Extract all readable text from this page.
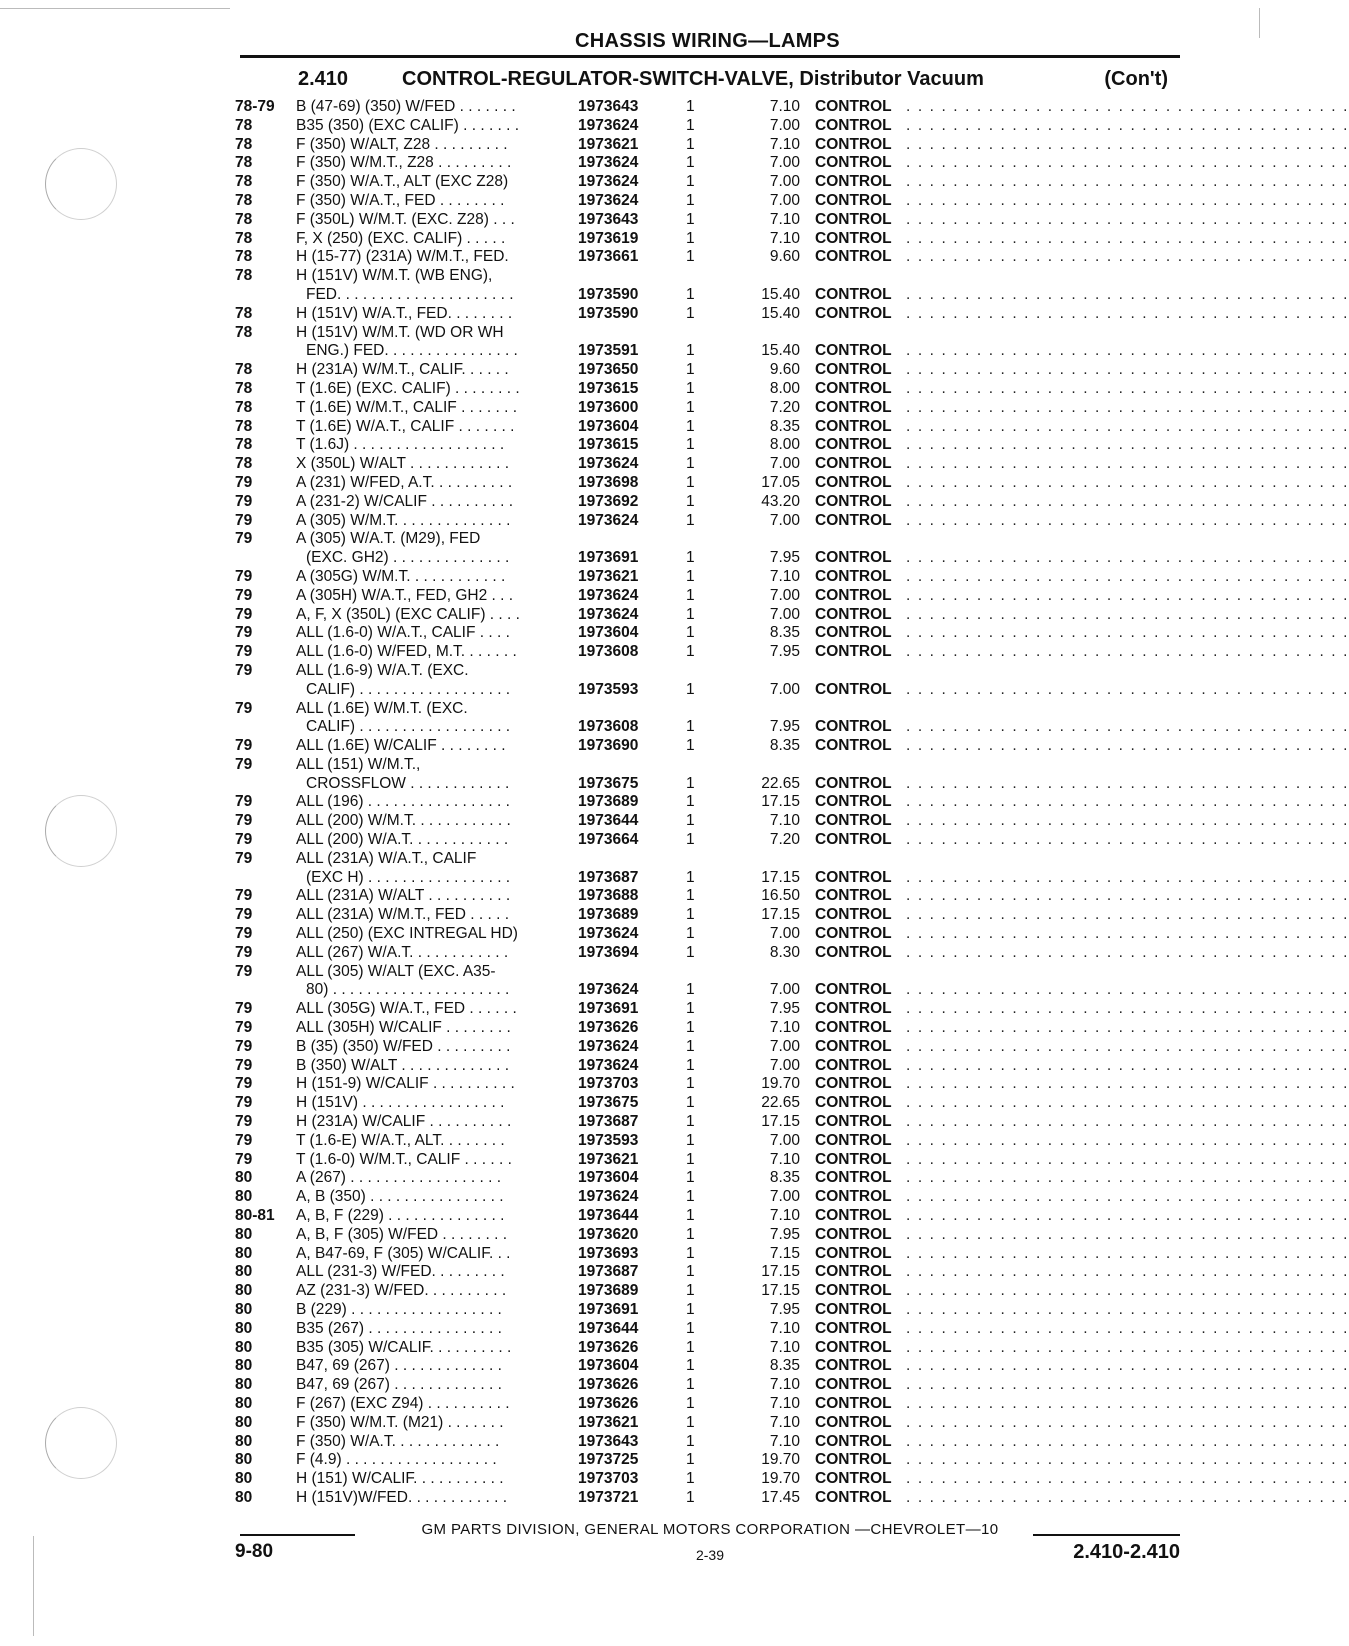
CHASSIS WIRING—LAMPS
2.410	CONTROL-REGULATOR-SWITCH-VALVE, Distributor Vacuum	(Con't)
78-79 B (47-69) (350) W/FED . . . . . . .	1973643	1	7.10 CONTROL . . . . . . . . . . . . . . . . . . . . . . . . . . . . . . . . . . . . . .
78	B35 (350) (EXC CALIF) . . . . . . .	1973624	1	7.00 CONTROL . . . . . . . . . . . . . . . . . . . . . . . . . . . . . . . . . . . . . .
78	F (350) W/ALT, Z28 . . . . . . . . .	1973621	1	7.10 CONTROL . . . . . . . . . . . . . . . . . . . . . . . . . . . . . . . . . . . . . .
78	F (350) W/M.T., Z28 . . . . . . . . .	1973624	1	7.00 CONTROL . . . . . . . . . . . . . . . . . . . . . . . . . . . . . . . . . . . . . .
78	F (350) W/A.T., ALT (EXC Z28)	1973624	1	7.00 CONTROL . . . . . . . . . . . . . . . . . . . . . . . . . . . . . . . . . . . . . .
78	F (350) W/A.T., FED . . . . . . . .	1973624	1	7.00 CONTROL . . . . . . . . . . . . . . . . . . . . . . . . . . . . . . . . . . . . . .
78	F (350L) W/M.T. (EXC. Z28) . . .	1973643	1	7.10 CONTROL . . . . . . . . . . . . . . . . . . . . . . . . . . . . . . . . . . . . . .
78	F, X (250) (EXC. CALIF) . . . . .	1973619	1	7.10 CONTROL . . . . . . . . . . . . . . . . . . . . . . . . . . . . . . . . . . . . . .
78	H (15-77) (231A) W/M.T., FED.	1973661	1	9.60 CONTROL . . . . . . . . . . . . . . . . . . . . . . . . . . . . . . . . . . . . . .
78	H (151V) W/M.T. (WB ENG),
FED. . . . . . . . . . . . . . . . . . . . .	1973590	1	15.40 CONTROL . . . . . . . . . . . . . . . . . . . . . . . . . . . . . . . . . . . . . .
78	H (151V) W/A.T., FED. . . . . . . .	1973590	1	15.40 CONTROL . . . . . . . . . . . . . . . . . . . . . . . . . . . . . . . . . . . . . .
78	H (151V) W/M.T. (WD OR WH
ENG.) FED. . . . . . . . . . . . . . . .	1973591	1	15.40 CONTROL . . . . . . . . . . . . . . . . . . . . . . . . . . . . . . . . . . . . . .
78	H (231A) W/M.T., CALIF. . . . . .	1973650	1	9.60 CONTROL . . . . . . . . . . . . . . . . . . . . . . . . . . . . . . . . . . . . . .
78	T (1.6E) (EXC. CALIF) . . . . . . . .	1973615	1	8.00 CONTROL . . . . . . . . . . . . . . . . . . . . . . . . . . . . . . . . . . . . . .
78	T (1.6E) W/M.T., CALIF . . . . . . .	1973600	1	7.20 CONTROL . . . . . . . . . . . . . . . . . . . . . . . . . . . . . . . . . . . . . .
78	T (1.6E) W/A.T., CALIF . . . . . . .	1973604	1	8.35 CONTROL . . . . . . . . . . . . . . . . . . . . . . . . . . . . . . . . . . . . . .
78	T (1.6J) . . . . . . . . . . . . . . . . . .	1973615	1	8.00 CONTROL . . . . . . . . . . . . . . . . . . . . . . . . . . . . . . . . . . . . . .
78	X (350L) W/ALT . . . . . . . . . . . .	1973624	1	7.00 CONTROL . . . . . . . . . . . . . . . . . . . . . . . . . . . . . . . . . . . . . .
79	A (231) W/FED, A.T. . . . . . . . . .	1973698	1	17.05 CONTROL . . . . . . . . . . . . . . . . . . . . . . . . . . . . . . . . . . . . . .
79	A (231-2) W/CALIF . . . . . . . . . .	1973692	1	43.20 CONTROL . . . . . . . . . . . . . . . . . . . . . . . . . . . . . . . . . . . . . .
79	A (305) W/M.T. . . . . . . . . . . . . .	1973624	1	7.00 CONTROL . . . . . . . . . . . . . . . . . . . . . . . . . . . . . . . . . . . . . .
79	A (305) W/A.T. (M29), FED
(EXC. GH2) . . . . . . . . . . . . . .	1973691	1	7.95 CONTROL . . . . . . . . . . . . . . . . . . . . . . . . . . . . . . . . . . . . . .
79	A (305G) W/M.T. . . . . . . . . . . .	1973621	1	7.10 CONTROL . . . . . . . . . . . . . . . . . . . . . . . . . . . . . . . . . . . . . .
79	A (305H) W/A.T., FED, GH2 . . .	1973624	1	7.00 CONTROL . . . . . . . . . . . . . . . . . . . . . . . . . . . . . . . . . . . . . .
79	A, F, X (350L) (EXC CALIF) . . . .	1973624	1	7.00 CONTROL . . . . . . . . . . . . . . . . . . . . . . . . . . . . . . . . . . . . . .
79	ALL (1.6-0) W/A.T., CALIF . . . .	1973604	1	8.35 CONTROL . . . . . . . . . . . . . . . . . . . . . . . . . . . . . . . . . . . . . .
79	ALL (1.6-0) W/FED, M.T. . . . . . .	1973608	1	7.95 CONTROL . . . . . . . . . . . . . . . . . . . . . . . . . . . . . . . . . . . . . .
79	ALL (1.6-9) W/A.T. (EXC.
CALIF) . . . . . . . . . . . . . . . . . .	1973593	1	7.00 CONTROL . . . . . . . . . . . . . . . . . . . . . . . . . . . . . . . . . . . . . .
79	ALL (1.6E) W/M.T. (EXC.
CALIF) . . . . . . . . . . . . . . . . . .	1973608	1	7.95 CONTROL . . . . . . . . . . . . . . . . . . . . . . . . . . . . . . . . . . . . . .
79	ALL (1.6E) W/CALIF . . . . . . . .	1973690	1	8.35 CONTROL . . . . . . . . . . . . . . . . . . . . . . . . . . . . . . . . . . . . . .
79	ALL (151) W/M.T.,
CROSSFLOW . . . . . . . . . . . .	1973675	1	22.65 CONTROL . . . . . . . . . . . . . . . . . . . . . . . . . . . . . . . . . . . . . .
79	ALL (196) . . . . . . . . . . . . . . . . .	1973689	1	17.15 CONTROL . . . . . . . . . . . . . . . . . . . . . . . . . . . . . . . . . . . . . .
79	ALL (200) W/M.T. . . . . . . . . . . .	1973644	1	7.10 CONTROL . . . . . . . . . . . . . . . . . . . . . . . . . . . . . . . . . . . . . .
79	ALL (200) W/A.T. . . . . . . . . . . .	1973664	1	7.20 CONTROL . . . . . . . . . . . . . . . . . . . . . . . . . . . . . . . . . . . . . .
79	ALL (231A) W/A.T., CALIF
(EXC H) . . . . . . . . . . . . . . . . .	1973687	1	17.15 CONTROL . . . . . . . . . . . . . . . . . . . . . . . . . . . . . . . . . . . . . .
79	ALL (231A) W/ALT . . . . . . . . . .	1973688	1	16.50 CONTROL . . . . . . . . . . . . . . . . . . . . . . . . . . . . . . . . . . . . . .
79	ALL (231A) W/M.T., FED . . . . .	1973689	1	17.15 CONTROL . . . . . . . . . . . . . . . . . . . . . . . . . . . . . . . . . . . . . .
79	ALL (250) (EXC INTREGAL HD)	1973624	1	7.00 CONTROL . . . . . . . . . . . . . . . . . . . . . . . . . . . . . . . . . . . . . .
79	ALL (267) W/A.T. . . . . . . . . . . .	1973694	1	8.30 CONTROL . . . . . . . . . . . . . . . . . . . . . . . . . . . . . . . . . . . . . .
79	ALL (305) W/ALT (EXC. A35-
80) . . . . . . . . . . . . . . . . . . . . .	1973624	1	7.00 CONTROL . . . . . . . . . . . . . . . . . . . . . . . . . . . . . . . . . . . . . .
79	ALL (305G) W/A.T., FED . . . . . .	1973691	1	7.95 CONTROL . . . . . . . . . . . . . . . . . . . . . . . . . . . . . . . . . . . . . .
79	ALL (305H) W/CALIF . . . . . . . .	1973626	1	7.10 CONTROL . . . . . . . . . . . . . . . . . . . . . . . . . . . . . . . . . . . . . .
79	B (35) (350) W/FED . . . . . . . . .	1973624	1	7.00 CONTROL . . . . . . . . . . . . . . . . . . . . . . . . . . . . . . . . . . . . . .
79	B (350) W/ALT . . . . . . . . . . . . .	1973624	1	7.00 CONTROL . . . . . . . . . . . . . . . . . . . . . . . . . . . . . . . . . . . . . .
79	H (151-9) W/CALIF . . . . . . . . . .	1973703	1	19.70 CONTROL . . . . . . . . . . . . . . . . . . . . . . . . . . . . . . . . . . . . . .
79	H (151V) . . . . . . . . . . . . . . . . .	1973675	1	22.65 CONTROL . . . . . . . . . . . . . . . . . . . . . . . . . . . . . . . . . . . . . .
79	H (231A) W/CALIF . . . . . . . . . .	1973687	1	17.15 CONTROL . . . . . . . . . . . . . . . . . . . . . . . . . . . . . . . . . . . . . .
79	T (1.6-E) W/A.T., ALT. . . . . . . .	1973593	1	7.00 CONTROL . . . . . . . . . . . . . . . . . . . . . . . . . . . . . . . . . . . . . .
79	T (1.6-0) W/M.T., CALIF . . . . . .	1973621	1	7.10 CONTROL . . . . . . . . . . . . . . . . . . . . . . . . . . . . . . . . . . . . . .
80	A (267) . . . . . . . . . . . . . . . . . .	1973604	1	8.35 CONTROL . . . . . . . . . . . . . . . . . . . . . . . . . . . . . . . . . . . . . .
80	A, B (350) . . . . . . . . . . . . . . . .	1973624	1	7.00 CONTROL . . . . . . . . . . . . . . . . . . . . . . . . . . . . . . . . . . . . . .
80-81 A, B, F (229) . . . . . . . . . . . . . .	1973644	1	7.10 CONTROL . . . . . . . . . . . . . . . . . . . . . . . . . . . . . . . . . . . . . .
80	A, B, F (305) W/FED . . . . . . . .	1973620	1	7.95 CONTROL . . . . . . . . . . . . . . . . . . . . . . . . . . . . . . . . . . . . . .
80	A, B47-69, F (305) W/CALIF. . .	1973693	1	7.15 CONTROL . . . . . . . . . . . . . . . . . . . . . . . . . . . . . . . . . . . . . .
80	ALL (231-3) W/FED. . . . . . . . .	1973687	1	17.15 CONTROL . . . . . . . . . . . . . . . . . . . . . . . . . . . . . . . . . . . . . .
80	AZ (231-3) W/FED. . . . . . . . . .	1973689	1	17.15 CONTROL . . . . . . . . . . . . . . . . . . . . . . . . . . . . . . . . . . . . . .
80	B (229) . . . . . . . . . . . . . . . . . .	1973691	1	7.95 CONTROL . . . . . . . . . . . . . . . . . . . . . . . . . . . . . . . . . . . . . .
80	B35 (267) . . . . . . . . . . . . . . . .	1973644	1	7.10 CONTROL . . . . . . . . . . . . . . . . . . . . . . . . . . . . . . . . . . . . . .
80	B35 (305) W/CALIF. . . . . . . . . .	1973626	1	7.10 CONTROL . . . . . . . . . . . . . . . . . . . . . . . . . . . . . . . . . . . . . .
80	B47, 69 (267) . . . . . . . . . . . . .	1973604	1	8.35 CONTROL . . . . . . . . . . . . . . . . . . . . . . . . . . . . . . . . . . . . . .
80	B47, 69 (267) . . . . . . . . . . . . .	1973626	1	7.10 CONTROL . . . . . . . . . . . . . . . . . . . . . . . . . . . . . . . . . . . . . .
80	F (267) (EXC Z94) . . . . . . . . . .	1973626	1	7.10 CONTROL . . . . . . . . . . . . . . . . . . . . . . . . . . . . . . . . . . . . . .
80	F (350) W/M.T. (M21) . . . . . . .	1973621	1	7.10 CONTROL . . . . . . . . . . . . . . . . . . . . . . . . . . . . . . . . . . . . . .
80	F (350) W/A.T. . . . . . . . . . . . .	1973643	1	7.10 CONTROL . . . . . . . . . . . . . . . . . . . . . . . . . . . . . . . . . . . . . .
80	F (4.9) . . . . . . . . . . . . . . . . . .	1973725	1	19.70 CONTROL . . . . . . . . . . . . . . . . . . . . . . . . . . . . . . . . . . . . . .
80	H (151) W/CALIF. . . . . . . . . . .	1973703	1	19.70 CONTROL . . . . . . . . . . . . . . . . . . . . . . . . . . . . . . . . . . . . . .
80	H (151V)W/FED. . . . . . . . . . . .	1973721	1	17.45 CONTROL . . . . . . . . . . . . . . . . . . . . . . . . . . . . . . . . . . . . . .
GM PARTS DIVISION, GENERAL MOTORS CORPORATION —CHEVROLET—10
9-80	2-39	2.410-2.410
